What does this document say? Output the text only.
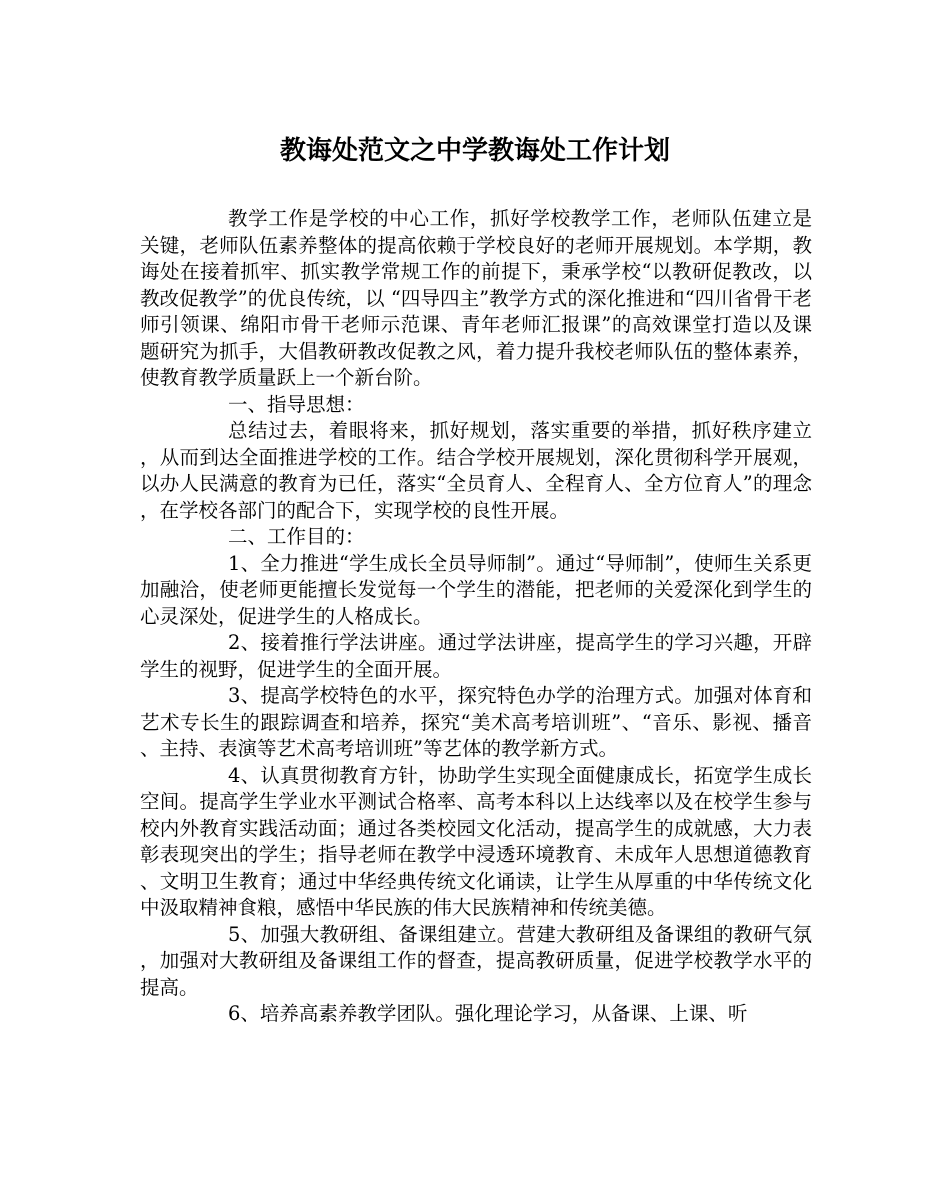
教诲处范文之中学教诲处工作计划

教学工作是学校的中心工作，抓好学校教学工作，老师队伍建立是关键，老师队伍素养整体的提高依赖于学校良好的老师开展规划。本学期，教诲处在接着抓牢、抓实教学常规工作的前提下，秉承学校“以教研促教改，以教改促教学”的优良传统，以 “四导四主”教学方式的深化推进和“四川省骨干老师引领课、绵阳市骨干老师示范课、青年老师汇报课”的高效课堂打造以及课题研究为抓手，大倡教研教改促教之风，着力提升我校老师队伍的整体素养，使教育教学质量跃上一个新台阶。

一、指导思想：

总结过去，着眼将来，抓好规划，落实重要的举措，抓好秩序建立，从而到达全面推进学校的工作。结合学校开展规划，深化贯彻科学开展观，以办人民满意的教育为已任，落实“全员育人、全程育人、全方位育人”的理念，在学校各部门的配合下，实现学校的良性开展。

二、工作目的：

1、全力推进“学生成长全员导师制”。通过“导师制”，使师生关系更加融洽，使老师更能擅长发觉每一个学生的潜能，把老师的关爱深化到学生的心灵深处，促进学生的人格成长。

2、接着推行学法讲座。通过学法讲座，提高学生的学习兴趣，开辟学生的视野，促进学生的全面开展。

3、提高学校特色的水平，探究特色办学的治理方式。加强对体育和艺术专长生的跟踪调查和培养，探究“美术高考培训班”、“音乐、影视、播音、主持、表演等艺术高考培训班”等艺体的教学新方式。

4、认真贯彻教育方针，协助学生实现全面健康成长，拓宽学生成长空间。提高学生学业水平测试合格率、高考本科以上达线率以及在校学生参与校内外教育实践活动面；通过各类校园文化活动，提高学生的成就感，大力表彰表现突出的学生；指导老师在教学中浸透环境教育、未成年人思想道德教育、文明卫生教育；通过中华经典传统文化诵读，让学生从厚重的中华传统文化中汲取精神食粮，感悟中华民族的伟大民族精神和传统美德。

5、加强大教研组、备课组建立。营建大教研组及备课组的教研气氛，加强对大教研组及备课组工作的督查，提高教研质量，促进学校教学水平的提高。

6、培养高素养教学团队。强化理论学习，从备课、上课、听
